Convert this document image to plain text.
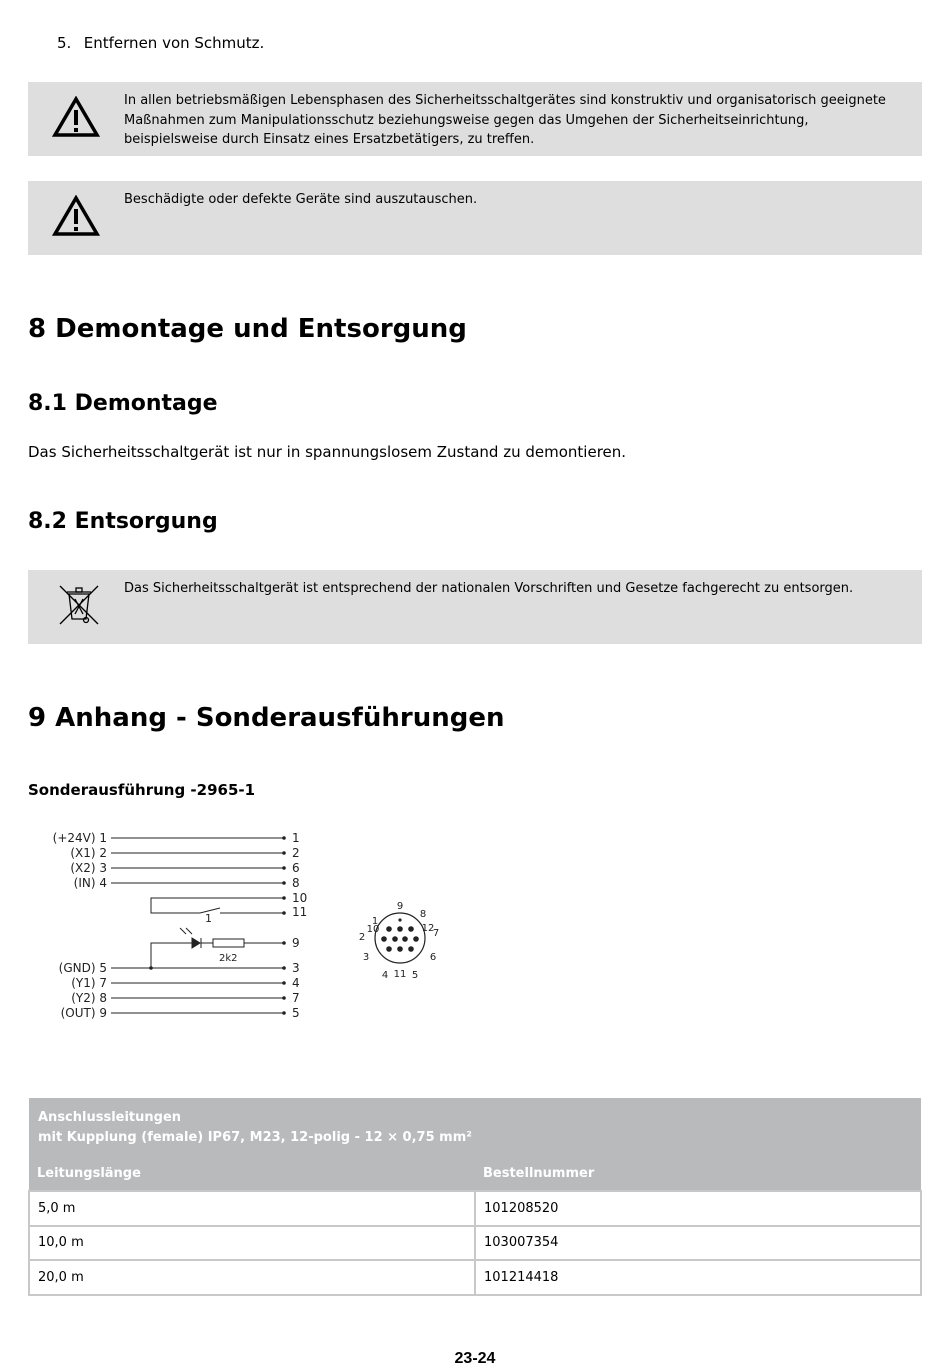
5. Entfernen von Schmutz.
In allen betriebsmäßigen Lebensphasen des Sicherheitsschaltgerätes sind konstruktiv und organisatorisch geeignete Maßnahmen zum Manipulationsschutz beziehungsweise gegen das Umgehen der Sicherheitseinrichtung, beispielsweise durch Einsatz eines Ersatzbetätigers, zu treffen.
Beschädigte oder defekte Geräte sind auszutauschen.
8 Demontage und Entsorgung
8.1 Demontage
Das Sicherheitsschaltgerät ist nur in spannungslosem Zustand zu demontieren.
8.2 Entsorgung
Das Sicherheitsschaltgerät ist entsprechend der nationalen Vorschriften und Gesetze fachgerecht zu entsorgen.
9 Anhang - Sonderausführungen
Sonderausführung -2965-1
(+24V) 1
(X1) 2
(X2) 3
(IN) 4
(GND) 5
(Y1) 7
(Y2) 8
(OUT) 9
1
2
6
8
10
11
9
3
4
7
5
2k2
1	1
2
3
4 5
6
7
8
9
10
11
12
Anschlussleitungen
mit Kupplung (female) IP67, M23, 12-polig - 12 × 0,75 mm²	

Leitungslänge	Bestellnummer
5,0 m	101208520
10,0 m	103007354
20,0 m	101214418
23-24
